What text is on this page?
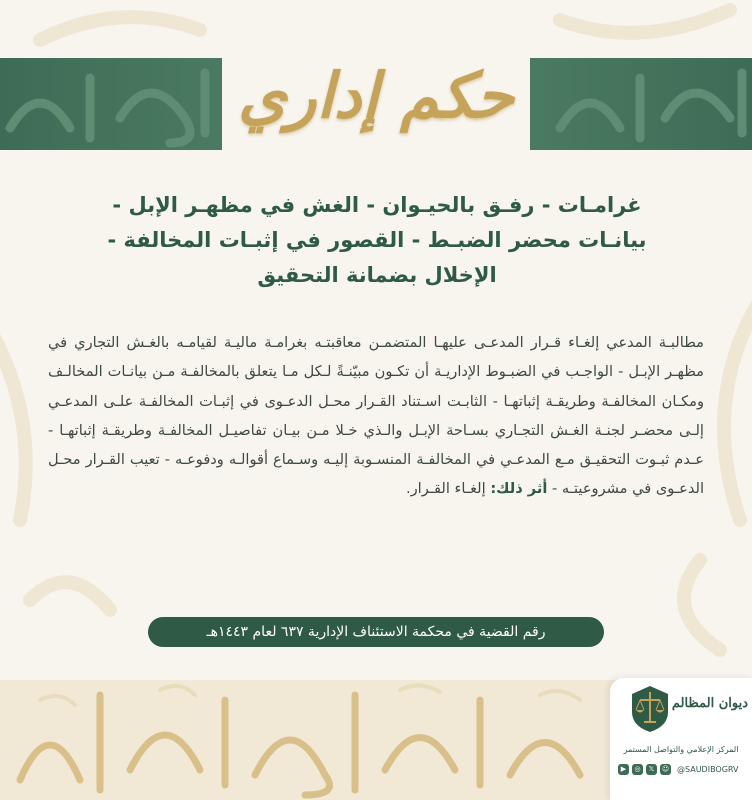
حكم إداري
غرامـات - رفـق بالحيـوان - الغش في مظهـر الإبل -
بيانـات محضر الضبـط - القصور في إثبـات المخالفة -
الإخلال بضمانة التحقيق
مطالبـة المدعي إلغـاء قـرار المدعـى عليهـا المتضمـن معاقبتـه بغرامـة ماليـة لقيامـه بالغـش التجاري في مظهـر الإبـل - الواجـب في الضبـوط الإداريـة أن تكـون مبيّنـةً لـكل مـا يتعلق بالمخالفـة مـن بيانـات المخالـف ومكـان المخالفـة وطريقـة إثباتهـا - الثابـت اسـتناد القـرار محـل الدعـوى في إثبـات المخالفـة علـى المدعـي إلـى محضـر لجنـة الغـش التجـاري بسـاحة الإبـل والـذي خـلا مـن بيـان تفاصيـل المخالفـة وطريقـة إثباتهـا - عـدم ثبـوت التحقيـق مـع المدعـي في المخالفـة المنسـوبة إليـه وسـماع أقوالـه ودفوعـه - تعيب القـرار محـل الدعـوى في مشروعيتـه - أثر ذلك: إلغـاء القـرار.
رقم القضية في محكمة الاستئناف الإدارية ٦٣٧ لعام ١٤٤٣هـ
ديوان المظالم
المركز الإعلامي والتواصل المستمر
▶	◎	𝕏	☺ @SAUDIBOGRV
